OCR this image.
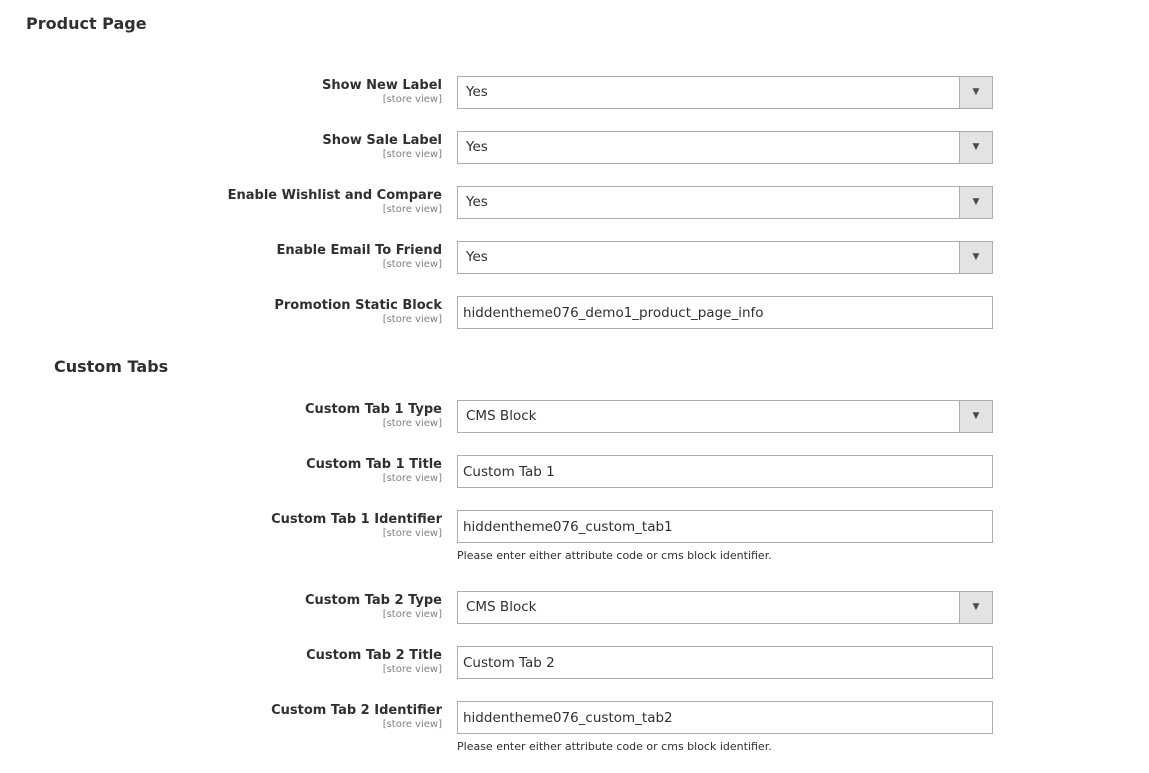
Product Page
Custom Tabs
Show New Label
[store view]	Yes	▼
Show Sale Label
[store view]	Yes	▼
Enable Wishlist and Compare
[store view]	Yes	▼
Enable Email To Friend
[store view]	Yes	▼
Promotion Static Block
[store view]
hiddentheme076_demo1_product_page_info
Custom Tab 1 Type
[store view]	CMS Block	▼
Custom Tab 1 Title
[store view]
Custom Tab 1
Custom Tab 1 Identifier
[store view]
hiddentheme076_custom_tab1
Please enter either attribute code or cms block identifier.
Custom Tab 2 Type
[store view]	CMS Block	▼
Custom Tab 2 Title
[store view]
Custom Tab 2
Custom Tab 2 Identifier
[store view]
hiddentheme076_custom_tab2
Please enter either attribute code or cms block identifier.
